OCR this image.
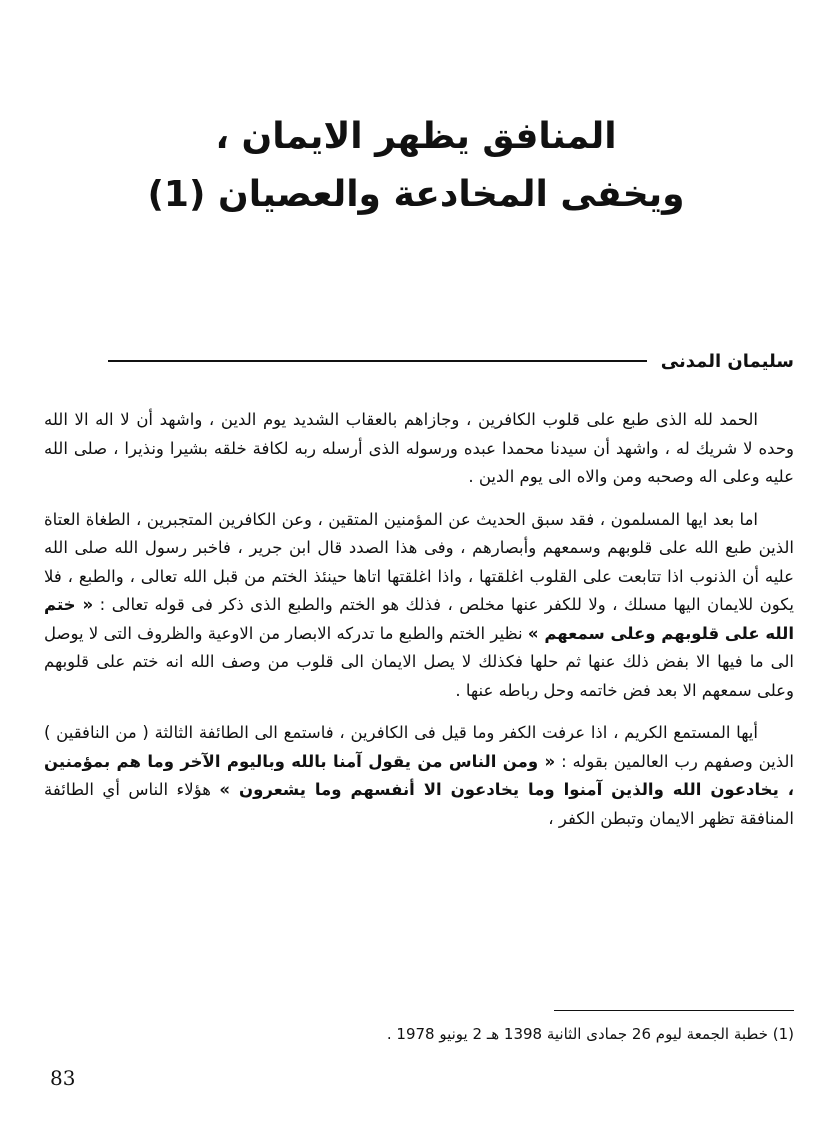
المنافق يظهر الايمان ،
ويخفى المخادعة والعصيان (1)
سليمان المدنى

الحمد لله الذى طبع على قلوب الكافرين ، وجازاهم بالعقاب الشديد يوم الدين ، واشهد أن لا اله الا الله وحده لا شريك له ، واشهد أن سيدنا محمدا عبده ورسوله الذى أرسله ربه لكافة خلقه بشيرا ونذيرا ، صلى الله عليه وعلى اله وصحبه ومن والاه الى يوم الدين .

اما بعد ايها المسلمون ، فقد سبق الحديث عن المؤمنين المتقين ، وعن الكافرين المتجبرين ، الطغاة العتاة الذين طبع الله على قلوبهم وسمعهم وأبصارهم ، وفى هذا الصدد قال ابن جرير ، فاخبر رسول الله صلى الله عليه أن الذنوب اذا تتابعت على القلوب اغلقتها ، واذا اغلقتها اتاها حينئذ الختم من قبل الله تعالى ، والطبع ، فلا يكون للايمان اليها مسلك ، ولا للكفر عنها مخلص ، فذلك هو الختم والطبع الذى ذكر فى قوله تعالى : « ختم الله على قلوبهم وعلى سمعهم » نظير الختم والطبع ما تدركه الابصار من الاوعية والظروف التى لا يوصل الى ما فيها الا بفض ذلك عنها ثم حلها فكذلك لا يصل الايمان الى قلوب من وصف الله انه ختم على قلوبهم وعلى سمعهم الا بعد فض خاتمه وحل رباطه عنها .

أيها المستمع الكريم ، اذا عرفت الكفر وما قيل فى الكافرين ، فاستمع الى الطائفة الثالثة ( من النافقين ) الذين وصفهم رب العالمين بقوله : « ومن الناس من يقول آمنا بالله وباليوم الآخر وما هم بمؤمنين ، يخادعون الله والذين آمنوا وما يخادعون الا أنفسهم وما يشعرون » هؤلاء الناس أي الطائفة المنافقة تظهر الايمان وتبطن الكفر ،

(1) خطبة الجمعة ليوم 26 جمادى الثانية 1398 هـ 2 يونيو 1978 .
83
